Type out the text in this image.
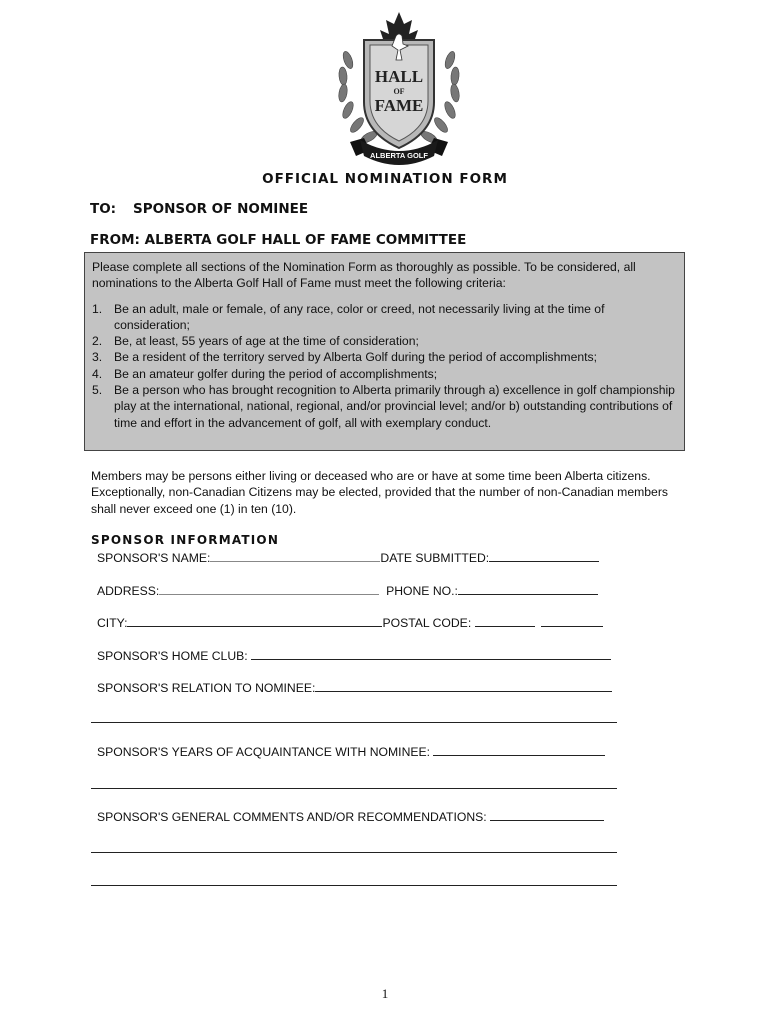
HALL
OF
FAME
ALBERTA GOLF
OFFICIAL NOMINATION FORM
TO: SPONSOR OF NOMINEE
FROM: ALBERTA GOLF HALL OF FAME COMMITTEE

Please complete all sections of the Nomination Form as thoroughly as possible. To be considered, all nominations to the Alberta Golf Hall of Fame must meet the following criteria:

1. Be an adult, male or female, of any race, color or creed, not necessarily living at the time of consideration;
2. Be, at least, 55 years of age at the time of consideration;
3. Be a resident of the territory served by Alberta Golf during the period of accomplishments;
4. Be an amateur golfer during the period of accomplishments;
5. Be a person who has brought recognition to Alberta primarily through a) excellence in golf championship play at the international, national, regional, and/or provincial level; and/or b) outstanding contributions of time and effort in the advancement of golf, all with exemplary conduct.
Members may be persons either living or deceased who are or have at some time been Alberta citizens. Exceptionally, non-Canadian Citizens may be elected, provided that the number of non-Canadian members shall never exceed one (1) in ten (10).
SPONSOR INFORMATION
SPONSOR'S NAME:	DATE SUBMITTED:
ADDRESS:	PHONE NO.:
CITY:	POSTAL CODE:
SPONSOR'S HOME CLUB:
SPONSOR'S RELATION TO NOMINEE:
SPONSOR'S YEARS OF ACQUAINTANCE WITH NOMINEE:
SPONSOR'S GENERAL COMMENTS AND/OR RECOMMENDATIONS:
1
